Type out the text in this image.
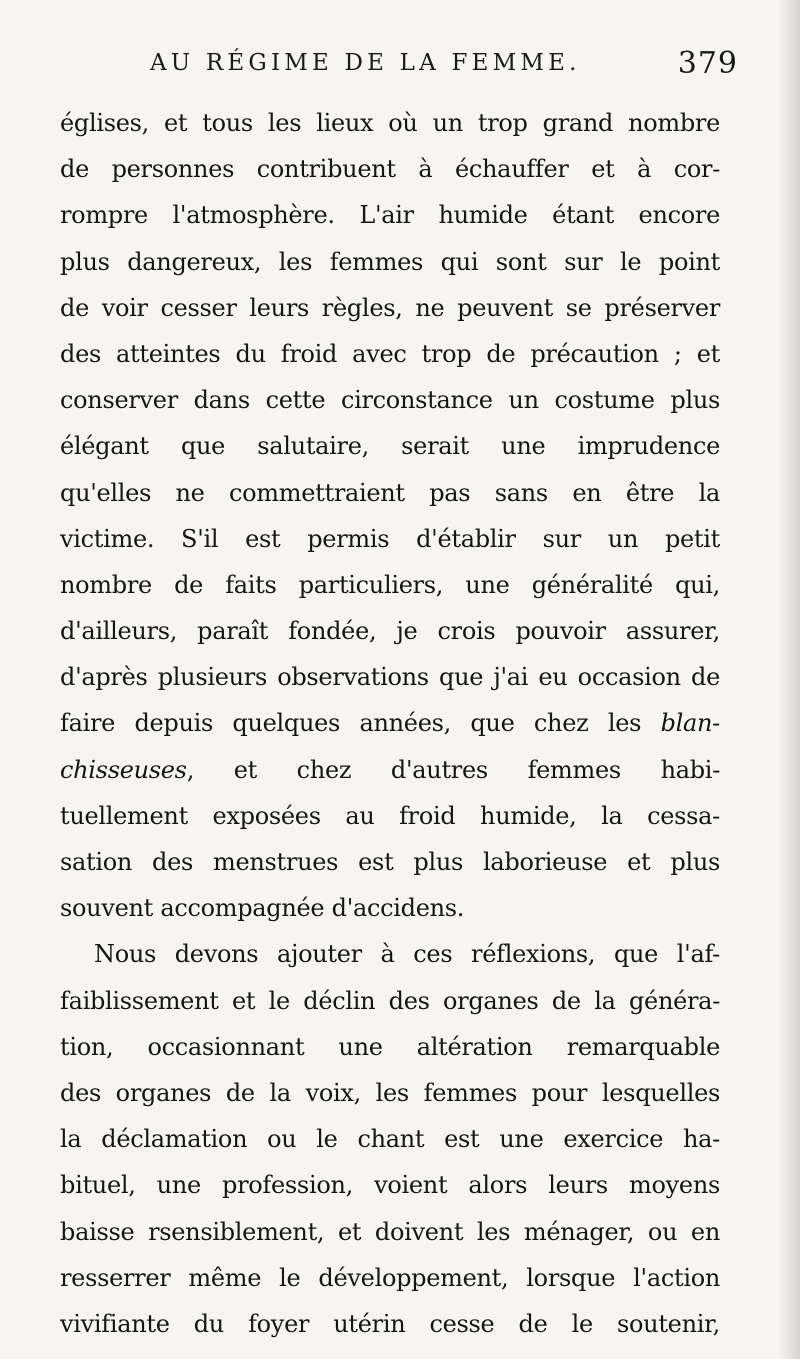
AU RÉGIME DE LA FEMME.	379
églises, et tous les lieux où un trop grand nombre
de personnes contribuent à échauffer et à cor-
rompre l'atmosphère. L'air humide étant encore
plus dangereux, les femmes qui sont sur le point
de voir cesser leurs règles, ne peuvent se préserver
des atteintes du froid avec trop de précaution ; et
conserver dans cette circonstance un costume plus
élégant que salutaire, serait une imprudence
qu'elles ne commettraient pas sans en être la
victime. S'il est permis d'établir sur un petit
nombre de faits particuliers, une généralité qui,
d'ailleurs, paraît fondée, je crois pouvoir assurer,
d'après plusieurs observations que j'ai eu occasion de
faire depuis quelques années, que chez les blan-
chisseuses, et chez d'autres femmes habi-
tuellement exposées au froid humide, la cessa-
sation des menstrues est plus laborieuse et plus
souvent accompagnée d'accidens.
Nous devons ajouter à ces réflexions, que l'af-
faiblissement et le déclin des organes de la généra-
tion, occasionnant une altération remarquable
des organes de la voix, les femmes pour lesquelles
la déclamation ou le chant est une exercice ha-
bituel, une profession, voient alors leurs moyens
baisse rsensiblement, et doivent les ménager, ou en
resserrer même le développement, lorsque l'action
vivifiante du foyer utérin cesse de le soutenir,
